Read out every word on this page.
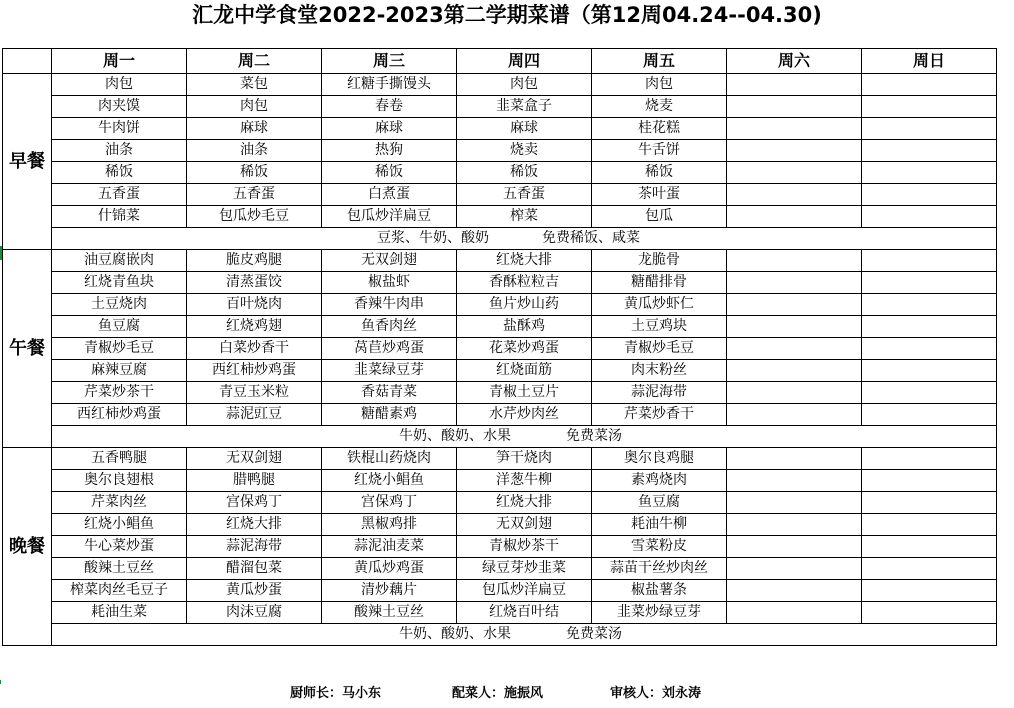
汇龙中学食堂2022-2023第二学期菜谱（第12周04.24--04.30)
	周一	周二	周三	周四	周五	周六	周日
早餐	肉包	菜包	红糖手撕馒头	肉包	肉包		
	肉夹馍	肉包	春卷	韭菜盒子	烧麦		
	牛肉饼	麻球	麻球	麻球	桂花糕		
	油条	油条	热狗	烧卖	牛舌饼		
	稀饭	稀饭	稀饭	稀饭	稀饭		
	五香蛋	五香蛋	白煮蛋	五香蛋	茶叶蛋		
	什锦菜	包瓜炒毛豆	包瓜炒洋扁豆	榨菜	包瓜		
	豆浆、牛奶、酸奶 免费稀饭、咸菜						
午餐	油豆腐嵌肉	脆皮鸡腿	无双剑翅	红烧大排	龙脆骨		
	红烧青鱼块	清蒸蛋饺	椒盐虾	香酥粒粒吉	糖醋排骨		
	土豆烧肉	百叶烧肉	香辣牛肉串	鱼片炒山药	黄瓜炒虾仁		
	鱼豆腐	红烧鸡翅	鱼香肉丝	盐酥鸡	土豆鸡块		
	青椒炒毛豆	白菜炒香干	莴苣炒鸡蛋	花菜炒鸡蛋	青椒炒毛豆		
	麻辣豆腐	西红柿炒鸡蛋	韭菜绿豆芽	红烧面筋	肉末粉丝		
	芹菜炒茶干	青豆玉米粒	香菇青菜	青椒土豆片	蒜泥海带		
	西红柿炒鸡蛋	蒜泥豇豆	糖醋素鸡	水芹炒肉丝	芹菜炒香干		
	牛奶、酸奶、水果 免费菜汤						
晚餐	五香鸭腿	无双剑翅	铁棍山药烧肉	笋干烧肉	奥尔良鸡腿		
	奥尔良翅根	腊鸭腿	红烧小鲳鱼	洋葱牛柳	素鸡烧肉		
	芹菜肉丝	宫保鸡丁	宫保鸡丁	红烧大排	鱼豆腐		
	红烧小鲳鱼	红烧大排	黑椒鸡排	无双剑翅	耗油牛柳		
	牛心菜炒蛋	蒜泥海带	蒜泥油麦菜	青椒炒茶干	雪菜粉皮		
	酸辣土豆丝	醋溜包菜	黄瓜炒鸡蛋	绿豆芽炒韭菜	蒜苗干丝炒肉丝		
	榨菜肉丝毛豆子	黄瓜炒蛋	清炒藕片	包瓜炒洋扁豆	椒盐薯条		
	耗油生菜	肉沫豆腐	酸辣土豆丝	红烧百叶结	韭菜炒绿豆芽		
	牛奶、酸奶、水果 免费菜汤						
厨师长：马小东	配菜人：施振风	审核人：刘永涛
